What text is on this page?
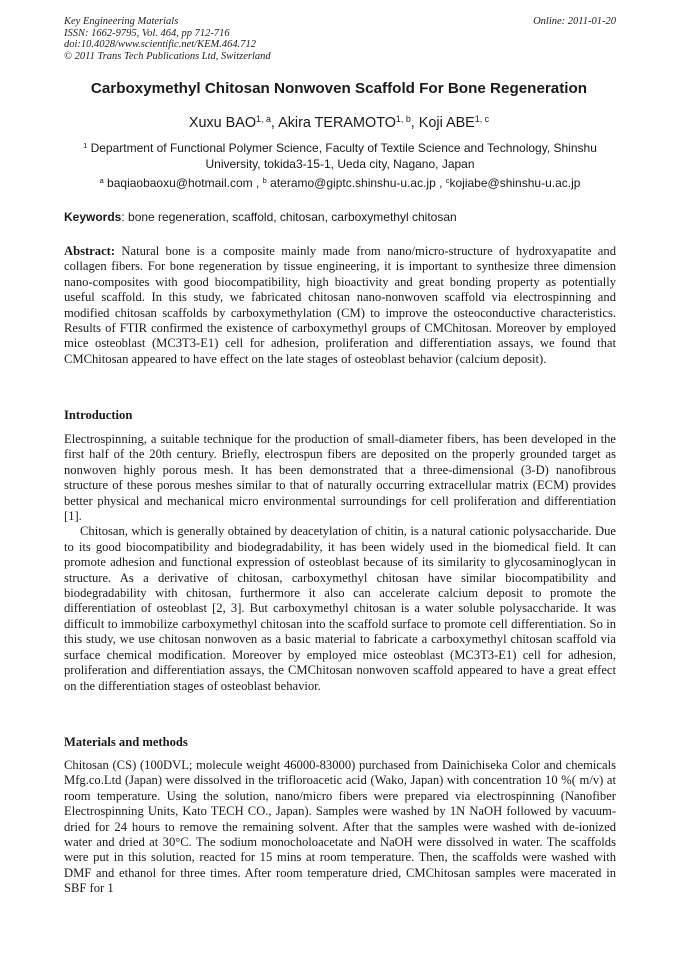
Key Engineering Materials
ISSN: 1662-9795, Vol. 464, pp 712-716
doi:10.4028/www.scientific.net/KEM.464.712
© 2011 Trans Tech Publications Ltd, Switzerland
Online: 2011-01-20
Carboxymethyl Chitosan Nonwoven Scaffold For Bone Regeneration
Xuxu BAO$^{1, a}$, Akira TERAMOTO$^{1, b}$, Koji ABE$^{1, c}$
$^1$ Department of Functional Polymer Science, Faculty of Textile Science and Technology, Shinshu University, tokida3-15-1, Ueda city, Nagano, Japan
$^a$ baqiaobaoxu@hotmail.com , $^b$ ateramo@giptc.shinshu-u.ac.jp , $^c$kojiabe@shinshu-u.ac.jp
Keywords: bone regeneration, scaffold, chitosan, carboxymethyl chitosan

Abstract: Natural bone is a composite mainly made from nano/micro-structure of hydroxyapatite and collagen fibers. For bone regeneration by tissue engineering, it is important to synthesize three dimension nano-composites with good biocompatibility, high bioactivity and great bonding property as potentially useful scaffold. In this study, we fabricated chitosan nano-nonwoven scaffold via electrospinning and modified chitosan scaffolds by carboxymethylation (CM) to improve the osteoconductive characteristics. Results of FTIR confirmed the existence of carboxymethyl groups of CMChitosan. Moreover by employed mice osteoblast (MC3T3-E1) cell for adhesion, proliferation and differentiation assays, we found that CMChitosan appeared to have effect on the late stages of osteoblast behavior (calcium deposit).

Introduction

Electrospinning, a suitable technique for the production of small-diameter fibers, has been developed in the first half of the 20th century. Briefly, electrospun fibers are deposited on the properly grounded target as nonwoven highly porous mesh. It has been demonstrated that a three-dimensional (3-D) nanofibrous structure of these porous meshes similar to that of naturally occurring extracellular matrix (ECM) provides better physical and mechanical micro environmental surroundings for cell proliferation and differentiation [1].

Chitosan, which is generally obtained by deacetylation of chitin, is a natural cationic polysaccharide. Due to its good biocompatibility and biodegradability, it has been widely used in the biomedical field. It can promote adhesion and functional expression of osteoblast because of its similarity to glycosaminoglycan in structure. As a derivative of chitosan, carboxymethyl chitosan have similar biocompatibility and biodegradability with chitosan, furthermore it also can accelerate calcium deposit to promote the differentiation of osteoblast [2, 3]. But carboxymethyl chitosan is a water soluble polysaccharide. It was difficult to immobilize carboxymethyl chitosan into the scaffold surface to promote cell differentiation. So in this study, we use chitosan nonwoven as a basic material to fabricate a carboxymethyl chitosan scaffold via surface chemical modification. Moreover by employed mice osteoblast (MC3T3-E1) cell for adhesion, proliferation and differentiation assays, the CMChitosan nonwoven scaffold appeared to have a great effect on the differentiation stages of osteoblast behavior.

Materials and methods

Chitosan (CS) (100DVL; molecule weight 46000-83000) purchased from Dainichiseka Color and chemicals Mfg.co.Ltd (Japan) were dissolved in the trifloroacetic acid (Wako, Japan) with concentration 10 %( m/v) at room temperature. Using the solution, nano/micro fibers were prepared via electrospinning (Nanofiber Electrospinning Units, Kato TECH CO., Japan). Samples were washed by 1N NaOH followed by vacuum-dried for 24 hours to remove the remaining solvent. After that the samples were washed with de-ionized water and dried at 30°C. The sodium monocholoacetate and NaOH were dissolved in water. The scaffolds were put in this solution, reacted for 15 mins at room temperature. Then, the scaffolds were washed with DMF and ethanol for three times. After room temperature dried, CMChitosan samples were macerated in SBF for 1
